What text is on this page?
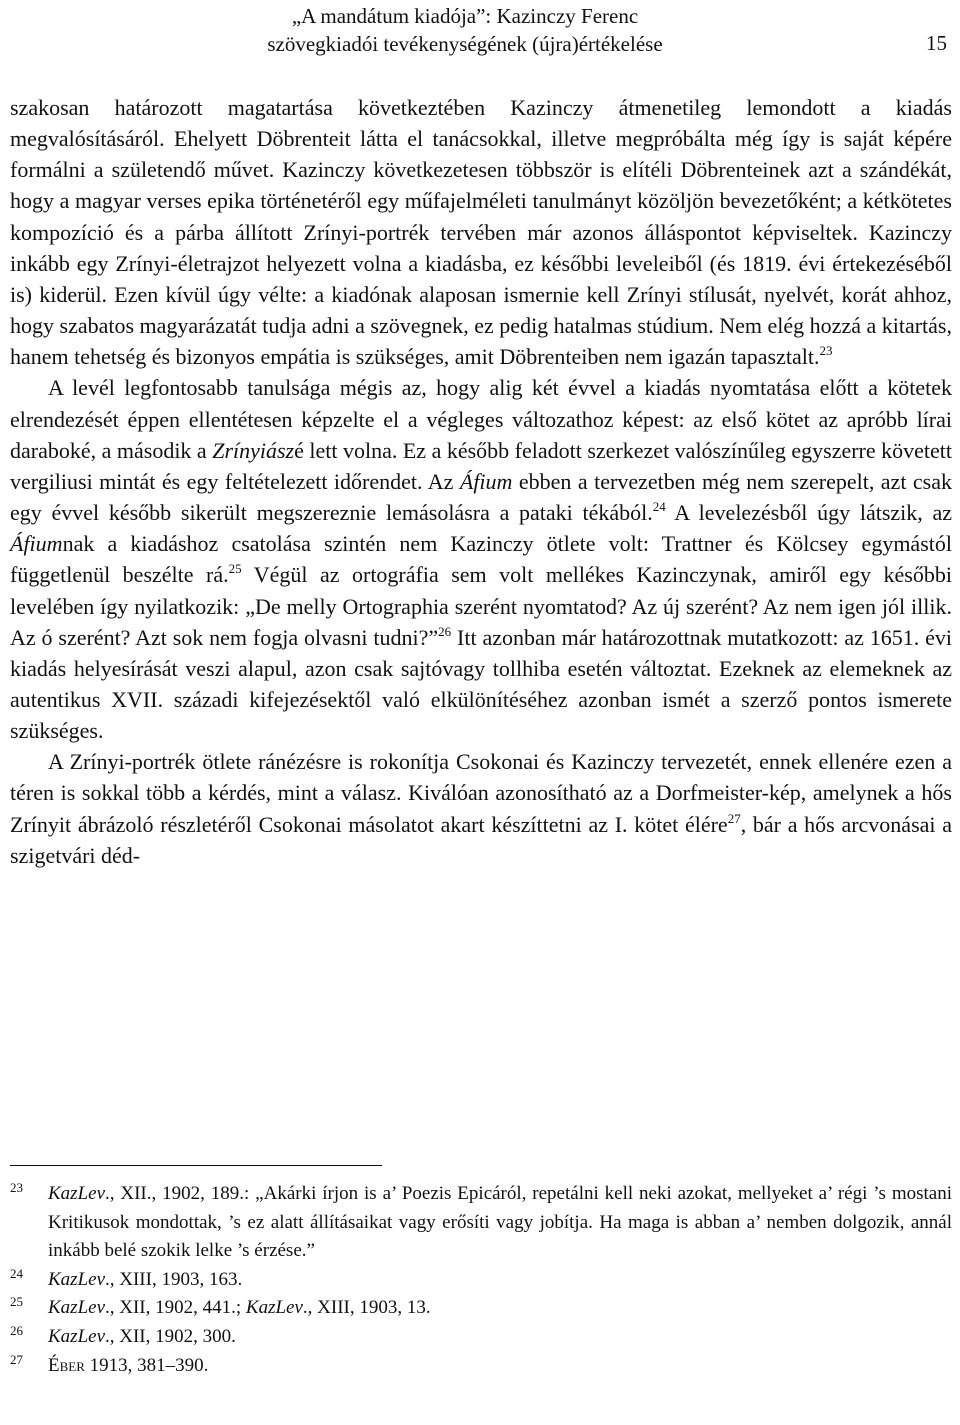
„A mandátum kiadója”: Kazinczy Ferenc
szövegkiadói tevékenységének (újra)értékelése	15

szakosan határozott magatartása következtében Kazinczy átmenetileg lemondott a kiadás megvalósításáról. Ehelyett Döbrenteit látta el tanácsokkal, illetve megpróbálta még így is saját képére formálni a születendő művet. Kazinczy következetesen többször is elítéli Döbrenteinek azt a szándékát, hogy a magyar verses epika történetéről egy műfajelméleti tanulmányt közöljön bevezetőként; a kétkötetes kompozíció és a párba állított Zrínyi-portrék tervében már azonos álláspontot képviseltek. Kazinczy inkább egy Zrínyi-életrajzot helyezett volna a kiadásba, ez későbbi leveleiből (és 1819. évi értekezéséből is) kiderül. Ezen kívül úgy vélte: a kiadónak alaposan ismernie kell Zrínyi stílusát, nyelvét, korát ahhoz, hogy szabatos magyarázatát tudja adni a szövegnek, ez pedig hatalmas stúdium. Nem elég hozzá a kitartás, hanem tehetség és bizonyos empátia is szükséges, amit Döbrenteiben nem igazán tapasztalt.$^{23}$

A levél legfontosabb tanulsága mégis az, hogy alig két évvel a kiadás nyomtatása előtt a kötetek elrendezését éppen ellentétesen képzelte el a végleges változathoz képest: az első kötet az apróbb lírai daraboké, a második a Zrínyiászé lett volna. Ez a később feladott szerkezet valószínűleg egyszerre követett vergiliusi mintát és egy feltételezett időrendet. Az Áfium ebben a tervezetben még nem szerepelt, azt csak egy évvel később sikerült megszereznie lemásolásra a pataki tékából.$^{24}$ A levelezésből úgy látszik, az Áfiumnak a kiadáshoz csatolása szintén nem Kazinczy ötlete volt: Trattner és Kölcsey egymástól függetlenül beszélte rá.$^{25}$ Végül az ortográfia sem volt mellékes Kazinczynak, amiről egy későbbi levelében így nyilatkozik: „De melly Ortographia szerént nyomtatod? Az új szerént? Az nem igen jól illik. Az ó szerént? Azt sok nem fogja olvasni tudni?”$^{26}$ Itt azonban már határozottnak mutatkozott: az 1651. évi kiadás helyesírását veszi alapul, azon csak sajtóvagy tollhiba esetén változtat. Ezeknek az elemeknek az autentikus XVII. századi kifejezésektől való elkülönítéséhez azonban ismét a szerző pontos ismerete szükséges.

A Zrínyi-portrék ötlete ránézésre is rokonítja Csokonai és Kazinczy tervezetét, ennek ellenére ezen a téren is sokkal több a kérdés, mint a válasz. Kiválóan azonosítható az a Dorfmeister-kép, amelynek a hős Zrínyit ábrázoló részletéről Csokonai másolatot akart készíttetni az I. kötet élére$^{27}$, bár a hős arcvonásai a szigetvári déd-

23 KazLev., XII., 1902, 189.: „Akárki írjon is a’ Poezis Epicáról, repetálni kell neki azokat, mellyeket a’ régi ’s mostani Kritikusok mondottak, ’s ez alatt állításaikat vagy erősíti vagy jobítja. Ha maga is abban a’ nemben dolgozik, annál inkább belé szokik lelke ’s érzése.”
24 KazLev., XIII, 1903, 163.
25 KazLev., XII, 1902, 441.; KazLev., XIII, 1903, 13.
26 KazLev., XII, 1902, 300.
27 Éber 1913, 381–390.
